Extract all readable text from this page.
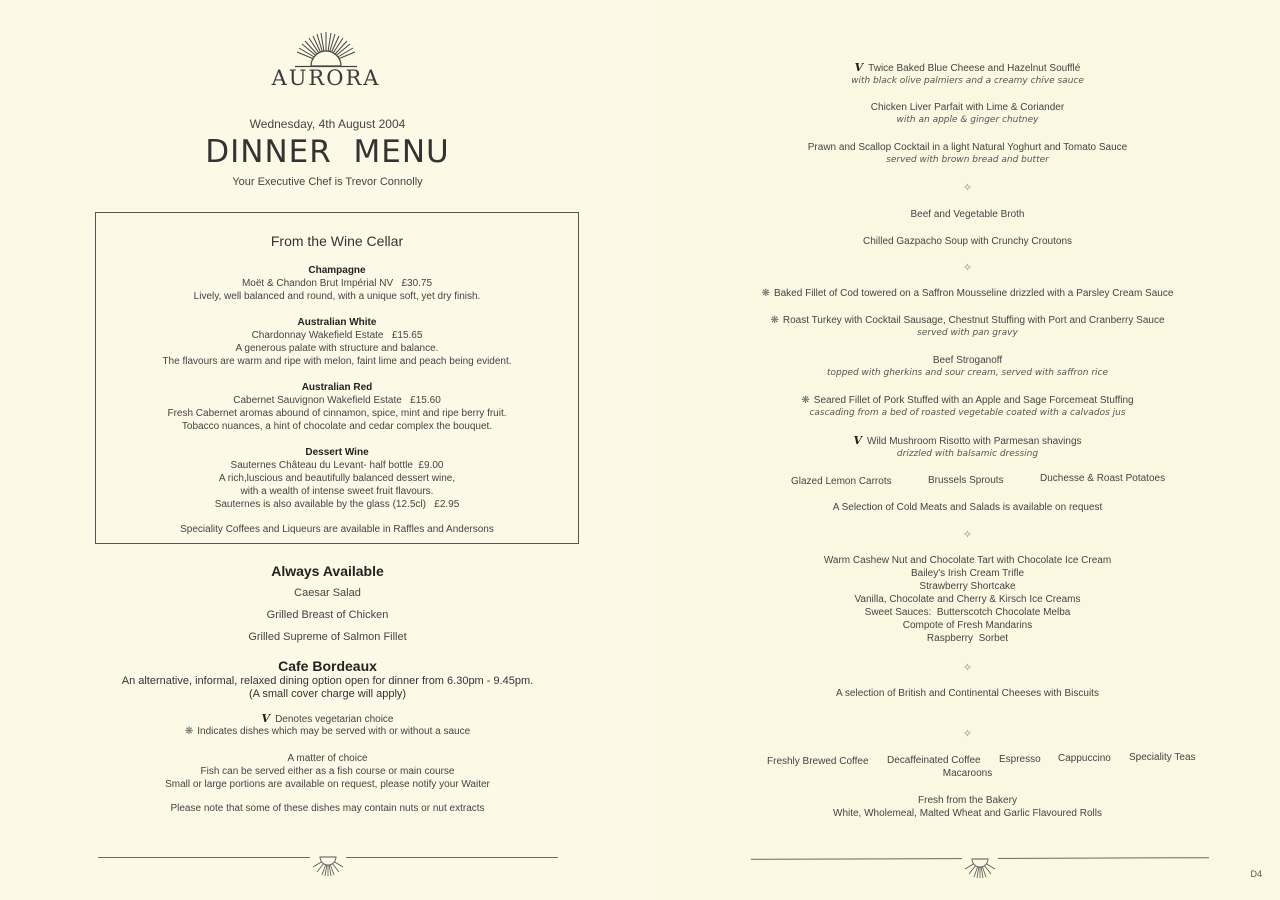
AURORA
Wednesday, 4th August 2004
DINNER  MENU
Your Executive Chef is Trevor Connolly
From the Wine Cellar
Champagne
Moët & Chandon Brut Impérial NV   £30.75
Lively, well balanced and round, with a unique soft, yet dry finish.
Australian White
Chardonnay Wakefield Estate   £15.65
A generous palate with structure and balance.
The flavours are warm and ripe with melon, faint lime and peach being evident.
Australian Red
Cabernet Sauvignon Wakefield Estate   £15.60
Fresh Cabernet aromas abound of cinnamon, spice, mint and ripe berry fruit.
Tobacco nuances, a hint of chocolate and cedar complex the bouquet.
Dessert Wine
Sauternes Château du Levant- half bottle  £9.00
A rich,luscious and beautifully balanced dessert wine,
with a wealth of intense sweet fruit flavours.
Sauternes is also available by the glass (12.5cl)   £2.95
Speciality Coffees and Liqueurs are available in Raffles and Andersons
Always Available
Caesar Salad
Grilled Breast of Chicken
Grilled Supreme of Salmon Fillet
Cafe Bordeaux
An alternative, informal, relaxed dining option open for dinner from 6.30pm - 9.45pm.
(A small cover charge will apply)
V Denotes vegetarian choice
❋ Indicates dishes which may be served with or without a sauce
A matter of choice
Fish can be served either as a fish course or main course
Small or large portions are available on request, please notify your Waiter
Please note that some of these dishes may contain nuts or nut extracts
V Twice Baked Blue Cheese and Hazelnut Soufflé
with black olive palmiers and a creamy chive sauce
Chicken Liver Parfait with Lime & Coriander
with an apple & ginger chutney
Prawn and Scallop Cocktail in a light Natural Yoghurt and Tomato Sauce
served with brown bread and butter
✧
Beef and Vegetable Broth
Chilled Gazpacho Soup with Crunchy Croutons
✧
❋ Baked Fillet of Cod towered on a Saffron Mousseline drizzled with a Parsley Cream Sauce
❋ Roast Turkey with Cocktail Sausage, Chestnut Stuffing with Port and Cranberry Sauce
served with pan gravy
Beef Stroganoff
topped with gherkins and sour cream, served with saffron rice
❋ Seared Fillet of Pork Stuffed with an Apple and Sage Forcemeat Stuffing
cascading from a bed of roasted vegetable coated with a calvados jus
V Wild Mushroom Risotto with Parmesan shavings
drizzled with balsamic dressing
Glazed Lemon Carrots	Brussels Sprouts	Duchesse & Roast Potatoes
A Selection of Cold Meats and Salads is available on request
✧
Warm Cashew Nut and Chocolate Tart with Chocolate Ice Cream
Bailey's Irish Cream Trifle
Strawberry Shortcake
Vanilla, Chocolate and Cherry & Kirsch Ice Creams
Sweet Sauces:  Butterscotch Chocolate Melba
Compote of Fresh Mandarins
Raspberry  Sorbet
✧
A selection of British and Continental Cheeses with Biscuits
✧
Freshly Brewed Coffee Decaffeinated Coffee Espresso Cappuccino Speciality Teas
Macaroons
Fresh from the Bakery
White, Wholemeal, Malted Wheat and Garlic Flavoured Rolls
D4
